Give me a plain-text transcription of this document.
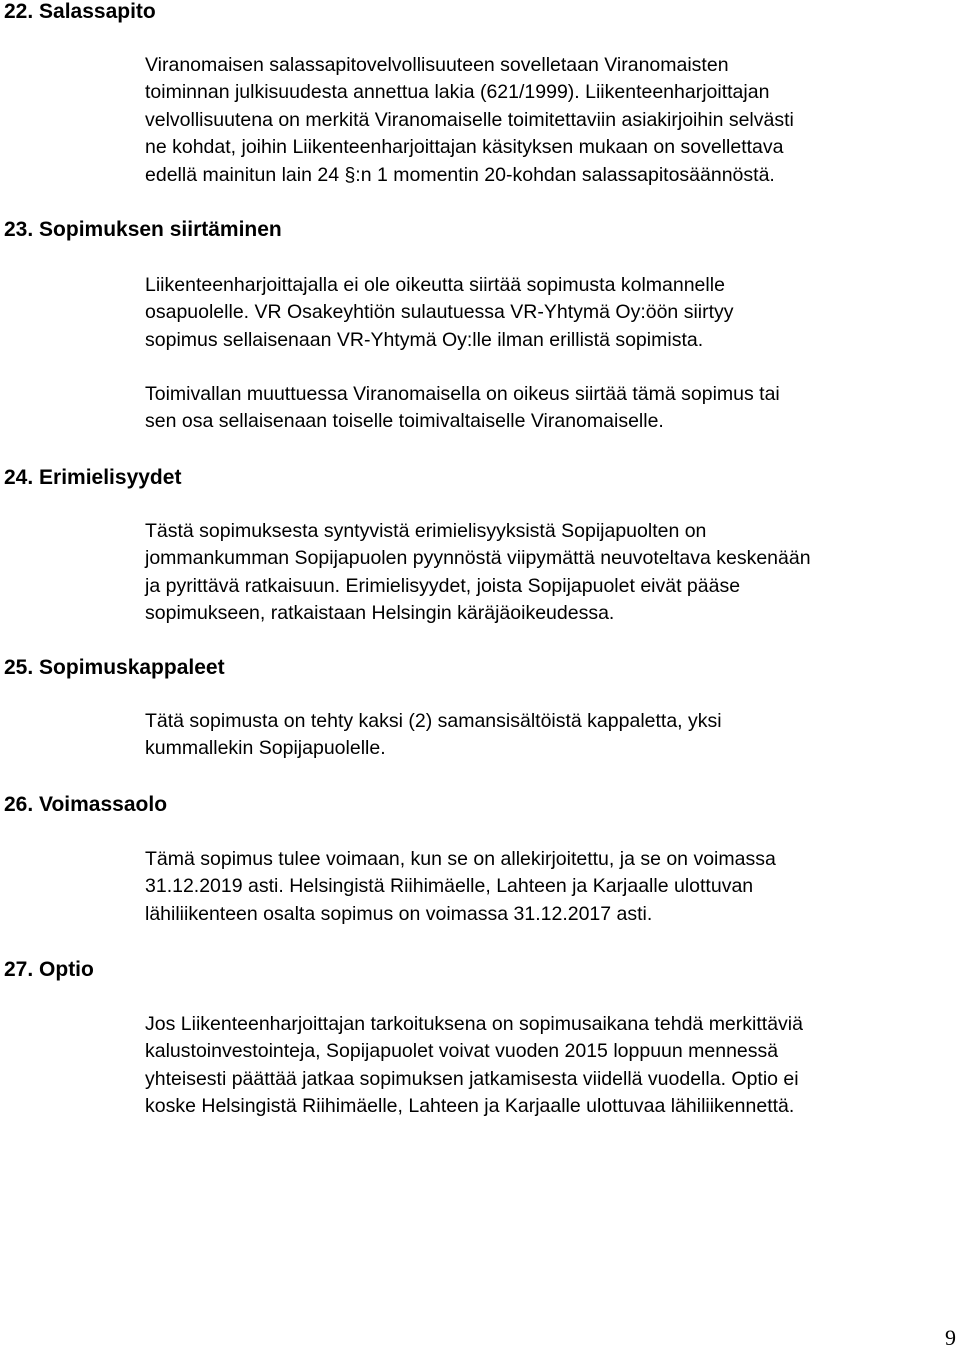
22. Salassapito

Viranomaisen salassapitovelvollisuuteen sovelletaan Viranomaisten
toiminnan julkisuudesta annettua lakia (621/1999). Liikenteenharjoittajan
velvollisuutena on merkitä Viranomaiselle toimitettaviin asiakirjoihin selvästi
ne kohdat, joihin Liikenteenharjoittajan käsityksen mukaan on sovellettava
edellä mainitun lain 24 §:n 1 momentin 20-kohdan salassapitosäännöstä.

23. Sopimuksen siirtäminen

Liikenteenharjoittajalla ei ole oikeutta siirtää sopimusta kolmannelle
osapuolelle. VR Osakeyhtiön sulautuessa VR-Yhtymä Oy:öön siirtyy
sopimus sellaisenaan VR-Yhtymä Oy:lle ilman erillistä sopimista.

Toimivallan muuttuessa Viranomaisella on oikeus siirtää tämä sopimus tai
sen osa sellaisenaan toiselle toimivaltaiselle Viranomaiselle.

24. Erimielisyydet

Tästä sopimuksesta syntyvistä erimielisyyksistä Sopijapuolten on
jommankumman Sopijapuolen pyynnöstä viipymättä neuvoteltava keskenään
ja pyrittävä ratkaisuun. Erimielisyydet, joista Sopijapuolet eivät pääse
sopimukseen, ratkaistaan Helsingin käräjäoikeudessa.

25. Sopimuskappaleet

Tätä sopimusta on tehty kaksi (2) samansisältöistä kappaletta, yksi
kummallekin Sopijapuolelle.

26. Voimassaolo

Tämä sopimus tulee voimaan, kun se on allekirjoitettu, ja se on voimassa
31.12.2019 asti. Helsingistä Riihimäelle, Lahteen ja Karjaalle ulottuvan
lähiliikenteen osalta sopimus on voimassa 31.12.2017 asti.

27. Optio

Jos Liikenteenharjoittajan tarkoituksena on sopimusaikana tehdä merkittäviä
kalustoinvestointeja, Sopijapuolet voivat vuoden 2015 loppuun mennessä
yhteisesti päättää jatkaa sopimuksen jatkamisesta viidellä vuodella. Optio ei
koske Helsingistä Riihimäelle, Lahteen ja Karjaalle ulottuvaa lähiliikennettä.

9
